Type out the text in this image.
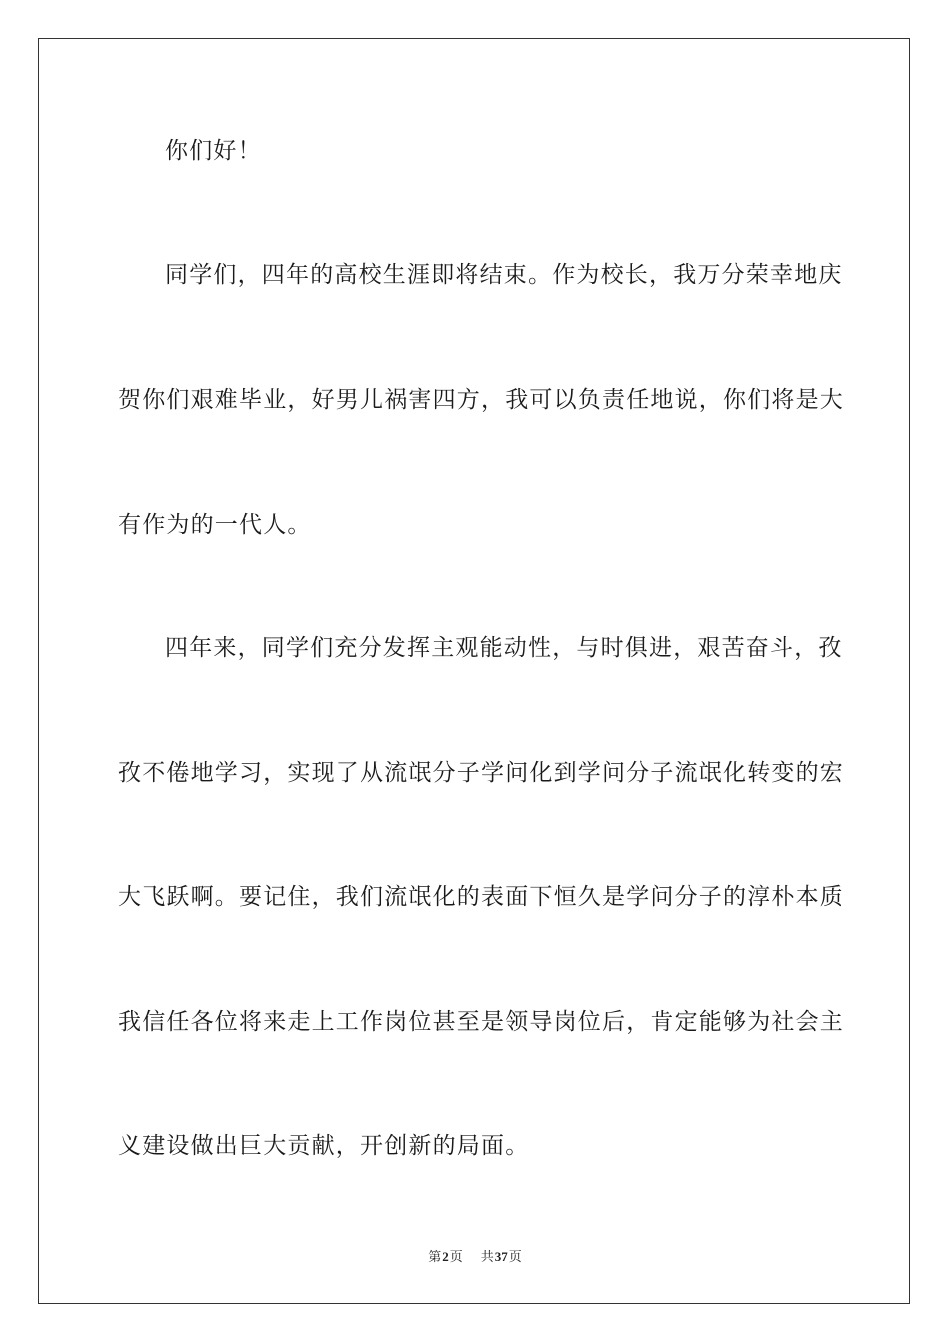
你们好！
同学们，四年的高校生涯即将结束。作为校长，我万分荣幸地庆
贺你们艰难毕业，好男儿祸害四方，我可以负责任地说，你们将是大
有作为的一代人。
四年来，同学们充分发挥主观能动性，与时俱进，艰苦奋斗，孜
孜不倦地学习，实现了从流氓分子学问化到学问分子流氓化转变的宏
大飞跃啊。要记住，我们流氓化的表面下恒久是学问分子的淳朴本质
我信任各位将来走上工作岗位甚至是领导岗位后，肯定能够为社会主
义建设做出巨大贡献，开创新的局面。
第2页 共37页
